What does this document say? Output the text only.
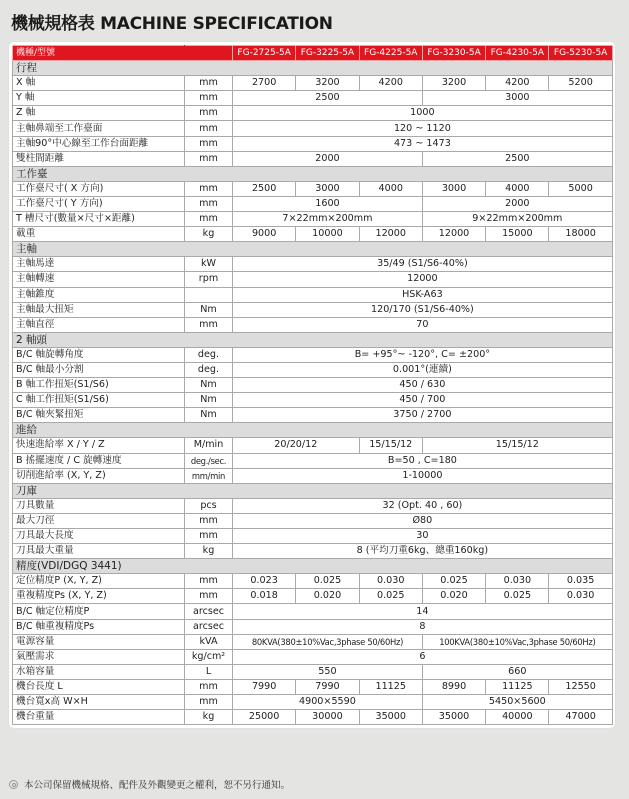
機械規格表 MACHINE SPECIFICATION
機種/型號		FG-2725-5A	FG-3225-5A	FG-4225-5A	FG-3230-5A	FG-4230-5A	FG-5230-5A
行程							
X 軸	mm	2700	3200	4200	3200	4200	5200
Y 軸	mm	2500			3000		
Z 軸	mm	1000					
主軸鼻端至工作臺面	mm	120 ~ 1120					
主軸90°中心線至工作台面距離	mm	473 ~ 1473					
雙柱間距離	mm	2000			2500		
工作臺							
工作臺尺寸( X 方向)	mm	2500	3000	4000	3000	4000	5000
工作臺尺寸( Y 方向)	mm	1600			2000		
T 槽尺寸(數量×尺寸×距離)	mm	7×22mm×200mm			9×22mm×200mm		
載重	kg	9000	10000	12000	12000	15000	18000
主軸							
主軸馬達	kW	35/49 (S1/S6-40%)					
主軸轉速	rpm	12000					
主軸錐度		HSK-A63					
主軸最大扭矩	Nm	120/170 (S1/S6-40%)					
主軸直徑	mm	70					
2 軸頭							
B/C 軸旋轉角度	deg.	B= +95°~ -120°, C= ±200°					
B/C 軸最小分割	deg.	0.001°(連續)					
B 軸工作扭矩(S1/S6)	Nm	450 / 630					
C 軸工作扭矩(S1/S6)	Nm	450 / 700					
B/C 軸夾緊扭矩	Nm	3750 / 2700					
進給							
快速進給率 X / Y / Z	M/min	20/20/12		15/15/12	15/15/12		
B 搖擺速度 / C 旋轉速度	deg./sec.	B=50 , C=180					
切削進給率 (X, Y, Z)	mm/min	1-10000					
刀庫							
刀具數量	pcs	32 (Opt. 40 , 60)					
最大刀徑	mm	Ø80					
刀具最大長度	mm	30					
刀具最大重量	kg	8 (平均刀重6kg、總重160kg)					
精度(VDI/DGQ 3441)							
定位精度P (X, Y, Z)	mm	0.023	0.025	0.030	0.025	0.030	0.035
重複精度Ps (X, Y, Z)	mm	0.018	0.020	0.025	0.020	0.025	0.030
B/C 軸定位精度P	arcsec	14					
B/C 軸重複精度Ps	arcsec	8					
電源容量	kVA	80KVA(380±10%Vac,3phase 50/60Hz)			100KVA(380±10%Vac,3phase 50/60Hz)		
氣壓需求	kg/cm²	6					
水箱容量	L	550			660		
機台長度 L	mm	7990	7990	11125	8990	11125	12550
機台寬x高 W×H	mm	4900×5590			5450×5600		
機台重量	kg	25000	30000	35000	35000	40000	47000
本公司保留機械規格、配件及外觀變更之權利，恕不另行通知。
